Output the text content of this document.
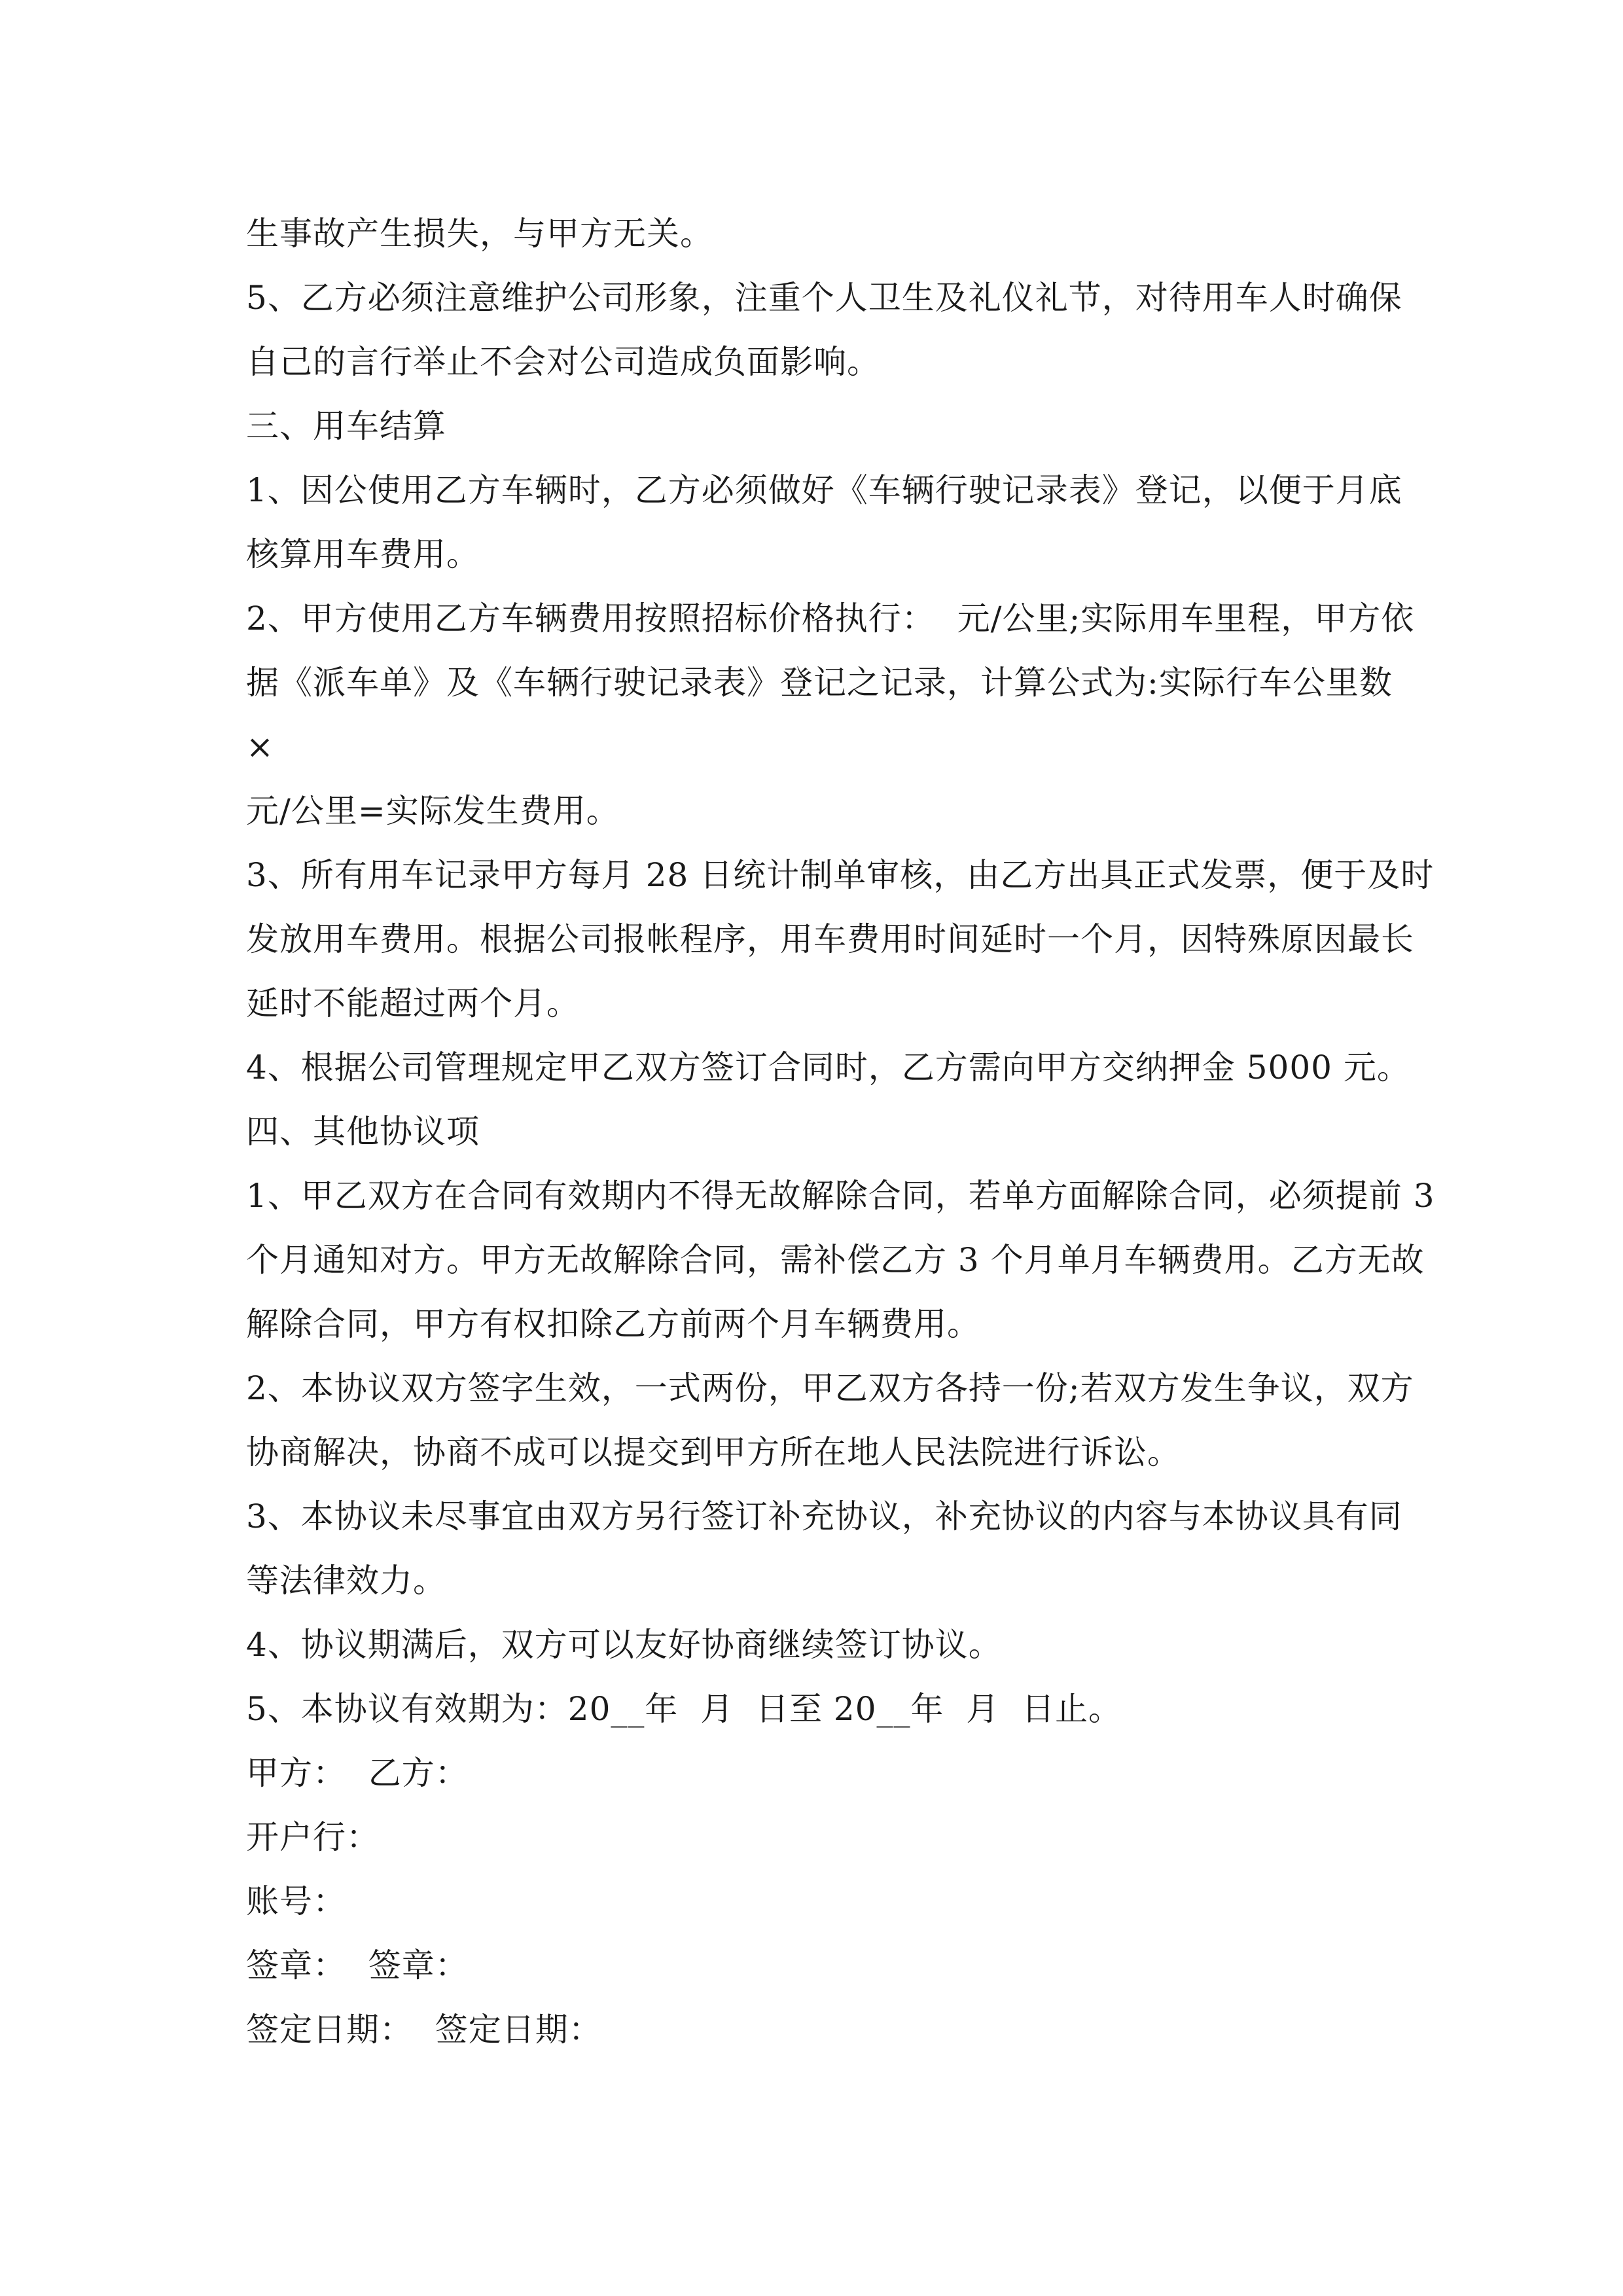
生事故产生损失，与甲方无关。
5、乙方必须注意维护公司形象，注重个人卫生及礼仪礼节，对待用车人时确保
自己的言行举止不会对公司造成负面影响。
三、用车结算
1、因公使用乙方车辆时，乙方必须做好《车辆行驶记录表》登记，以便于月底
核算用车费用。
2、甲方使用乙方车辆费用按照招标价格执行：  元/公里;实际用车里程，甲方依
据《派车单》及《车辆行驶记录表》登记之记录，计算公式为:实际行车公里数
×
元/公里=实际发生费用。
3、所有用车记录甲方每月 28 日统计制单审核，由乙方出具正式发票，便于及时
发放用车费用。根据公司报帐程序，用车费用时间延时一个月，因特殊原因最长
延时不能超过两个月。
4、根据公司管理规定甲乙双方签订合同时，乙方需向甲方交纳押金 5000 元。
四、其他协议项
1、甲乙双方在合同有效期内不得无故解除合同，若单方面解除合同，必须提前 3
个月通知对方。甲方无故解除合同，需补偿乙方 3 个月单月车辆费用。乙方无故
解除合同，甲方有权扣除乙方前两个月车辆费用。
2、本协议双方签字生效，一式两份，甲乙双方各持一份;若双方发生争议，双方
协商解决，协商不成可以提交到甲方所在地人民法院进行诉讼。
3、本协议未尽事宜由双方另行签订补充协议，补充协议的内容与本协议具有同
等法律效力。
4、协议期满后，双方可以友好协商继续签订协议。
5、本协议有效期为：20__年  月  日至 20__年  月  日止。
甲方：  乙方：
开户行：
账号：
签章：  签章：
签定日期：  签定日期：
